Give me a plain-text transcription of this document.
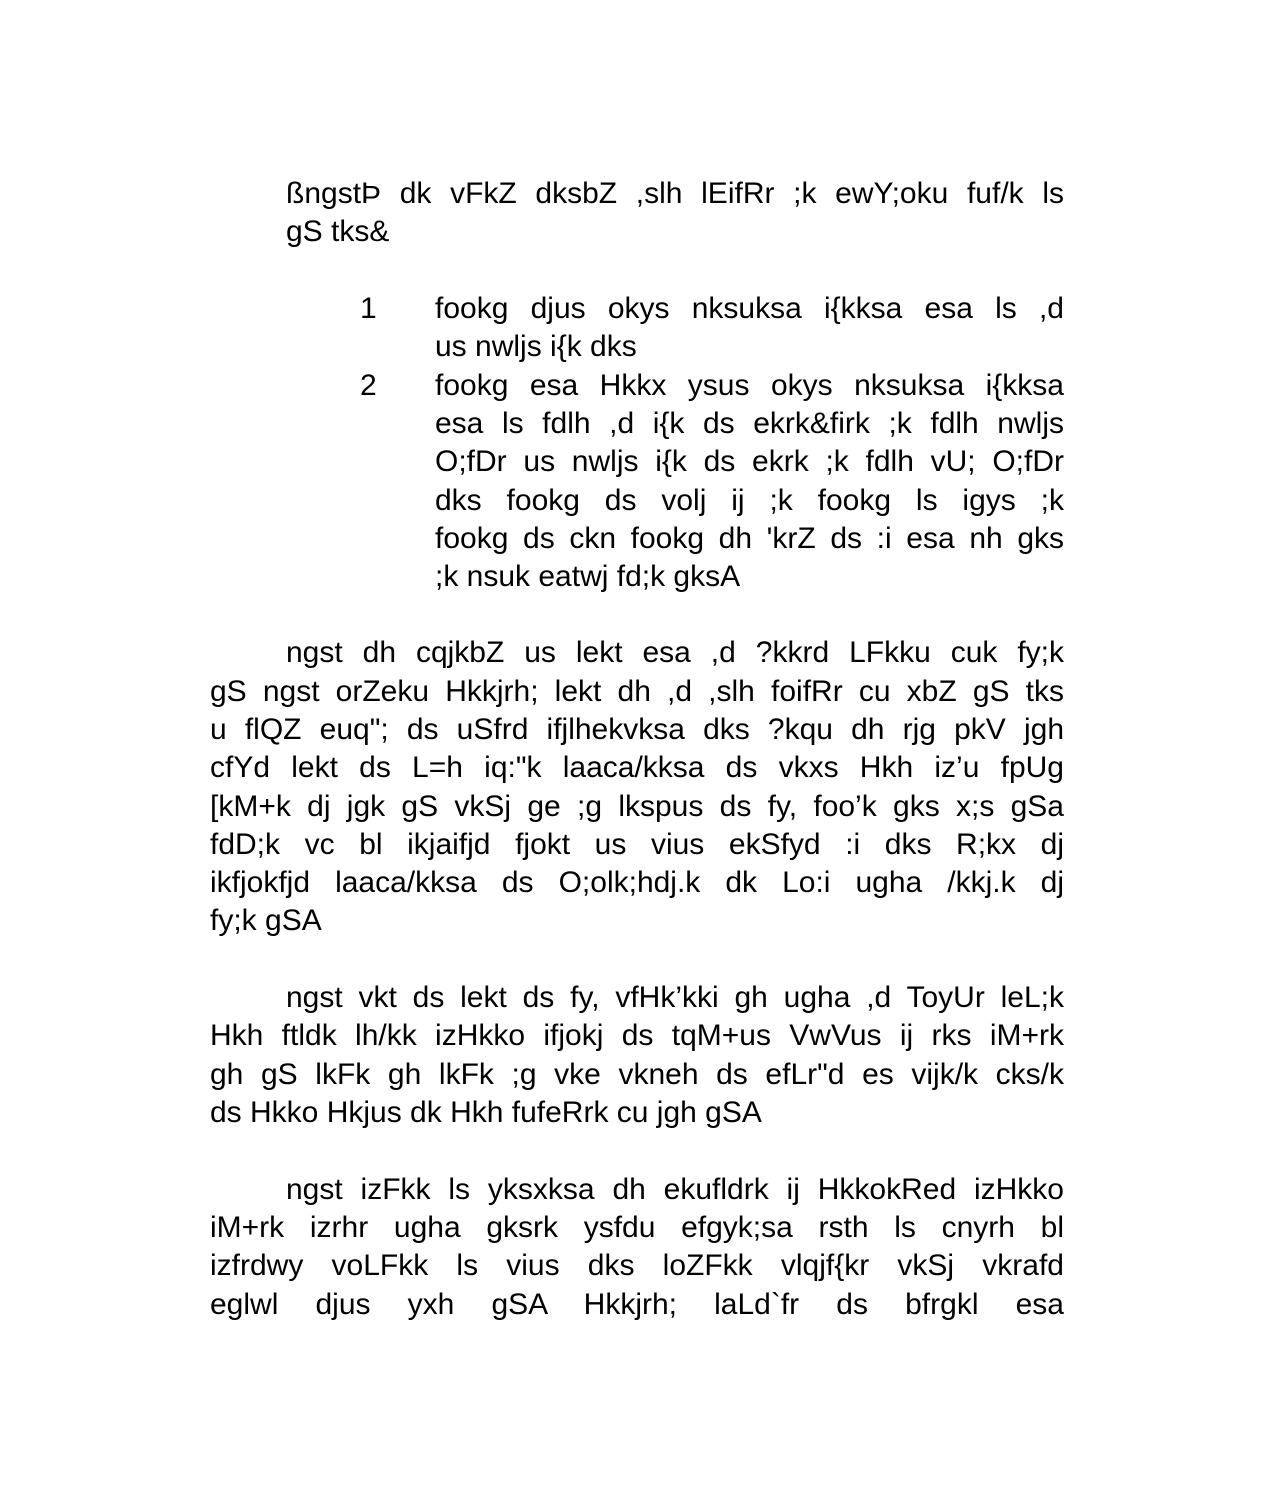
ßngstÞ dk vFkZ dksbZ ,slh lEifRr ;k ewY;oku fuf/k ls
gS tks&
1 fookg djus okys nksuksa i{kksa esa ls ,d
us nwljs i{k dks
2 fookg esa Hkkx ysus okys nksuksa i{kksa
esa ls fdlh ,d i{k ds ekrk&firk ;k fdlh nwljs
O;fDr us nwljs i{k ds ekrk ;k fdlh vU; O;fDr
dks fookg ds volj ij ;k fookg ls igys ;k
fookg ds ckn fookg dh 'krZ ds :i esa nh gks
;k nsuk eatwj fd;k gksA
ngst dh cqjkbZ us lekt esa ,d ?kkrd LFkku cuk fy;k
gS ngst orZeku Hkkjrh; lekt dh ,d ,slh foifRr cu xbZ gS tks
u flQZ euq"; ds uSfrd ifjlhekvksa dks ?kqu dh rjg pkV jgh
cfYd lekt ds L=h iq:"k laaca/kksa ds vkxs Hkh iz’u fpUg
[kM+k dj jgk gS vkSj ge ;g lkspus ds fy, foo’k gks x;s gSa
fdD;k vc bl ikjaifjd fjokt us vius ekSfyd :i dks R;kx dj
ikfjokfjd laaca/kksa ds O;olk;hdj.k dk Lo:i ugha /kkj.k dj
fy;k gSA
ngst vkt ds lekt ds fy, vfHk’kki gh ugha ,d ToyUr leL;k
Hkh ftldk lh/kk izHkko ifjokj ds tqM+us VwVus ij rks iM+rk
gh gS lkFk gh lkFk ;g vke vkneh ds efLr"d es vijk/k cks/k
ds Hkko Hkjus dk Hkh fufeRrk cu jgh gSA
ngst izFkk ls yksxksa dh ekufldrk ij HkkokRed izHkko
iM+rk izrhr ugha gksrk ysfdu efgyk;sa rsth ls cnyrh bl
izfrdwy voLFkk ls vius dks loZFkk vlqjf{kr vkSj vkrafd
eglwl djus yxh gSA Hkkjrh; laLd`fr ds bfrgkl esa
